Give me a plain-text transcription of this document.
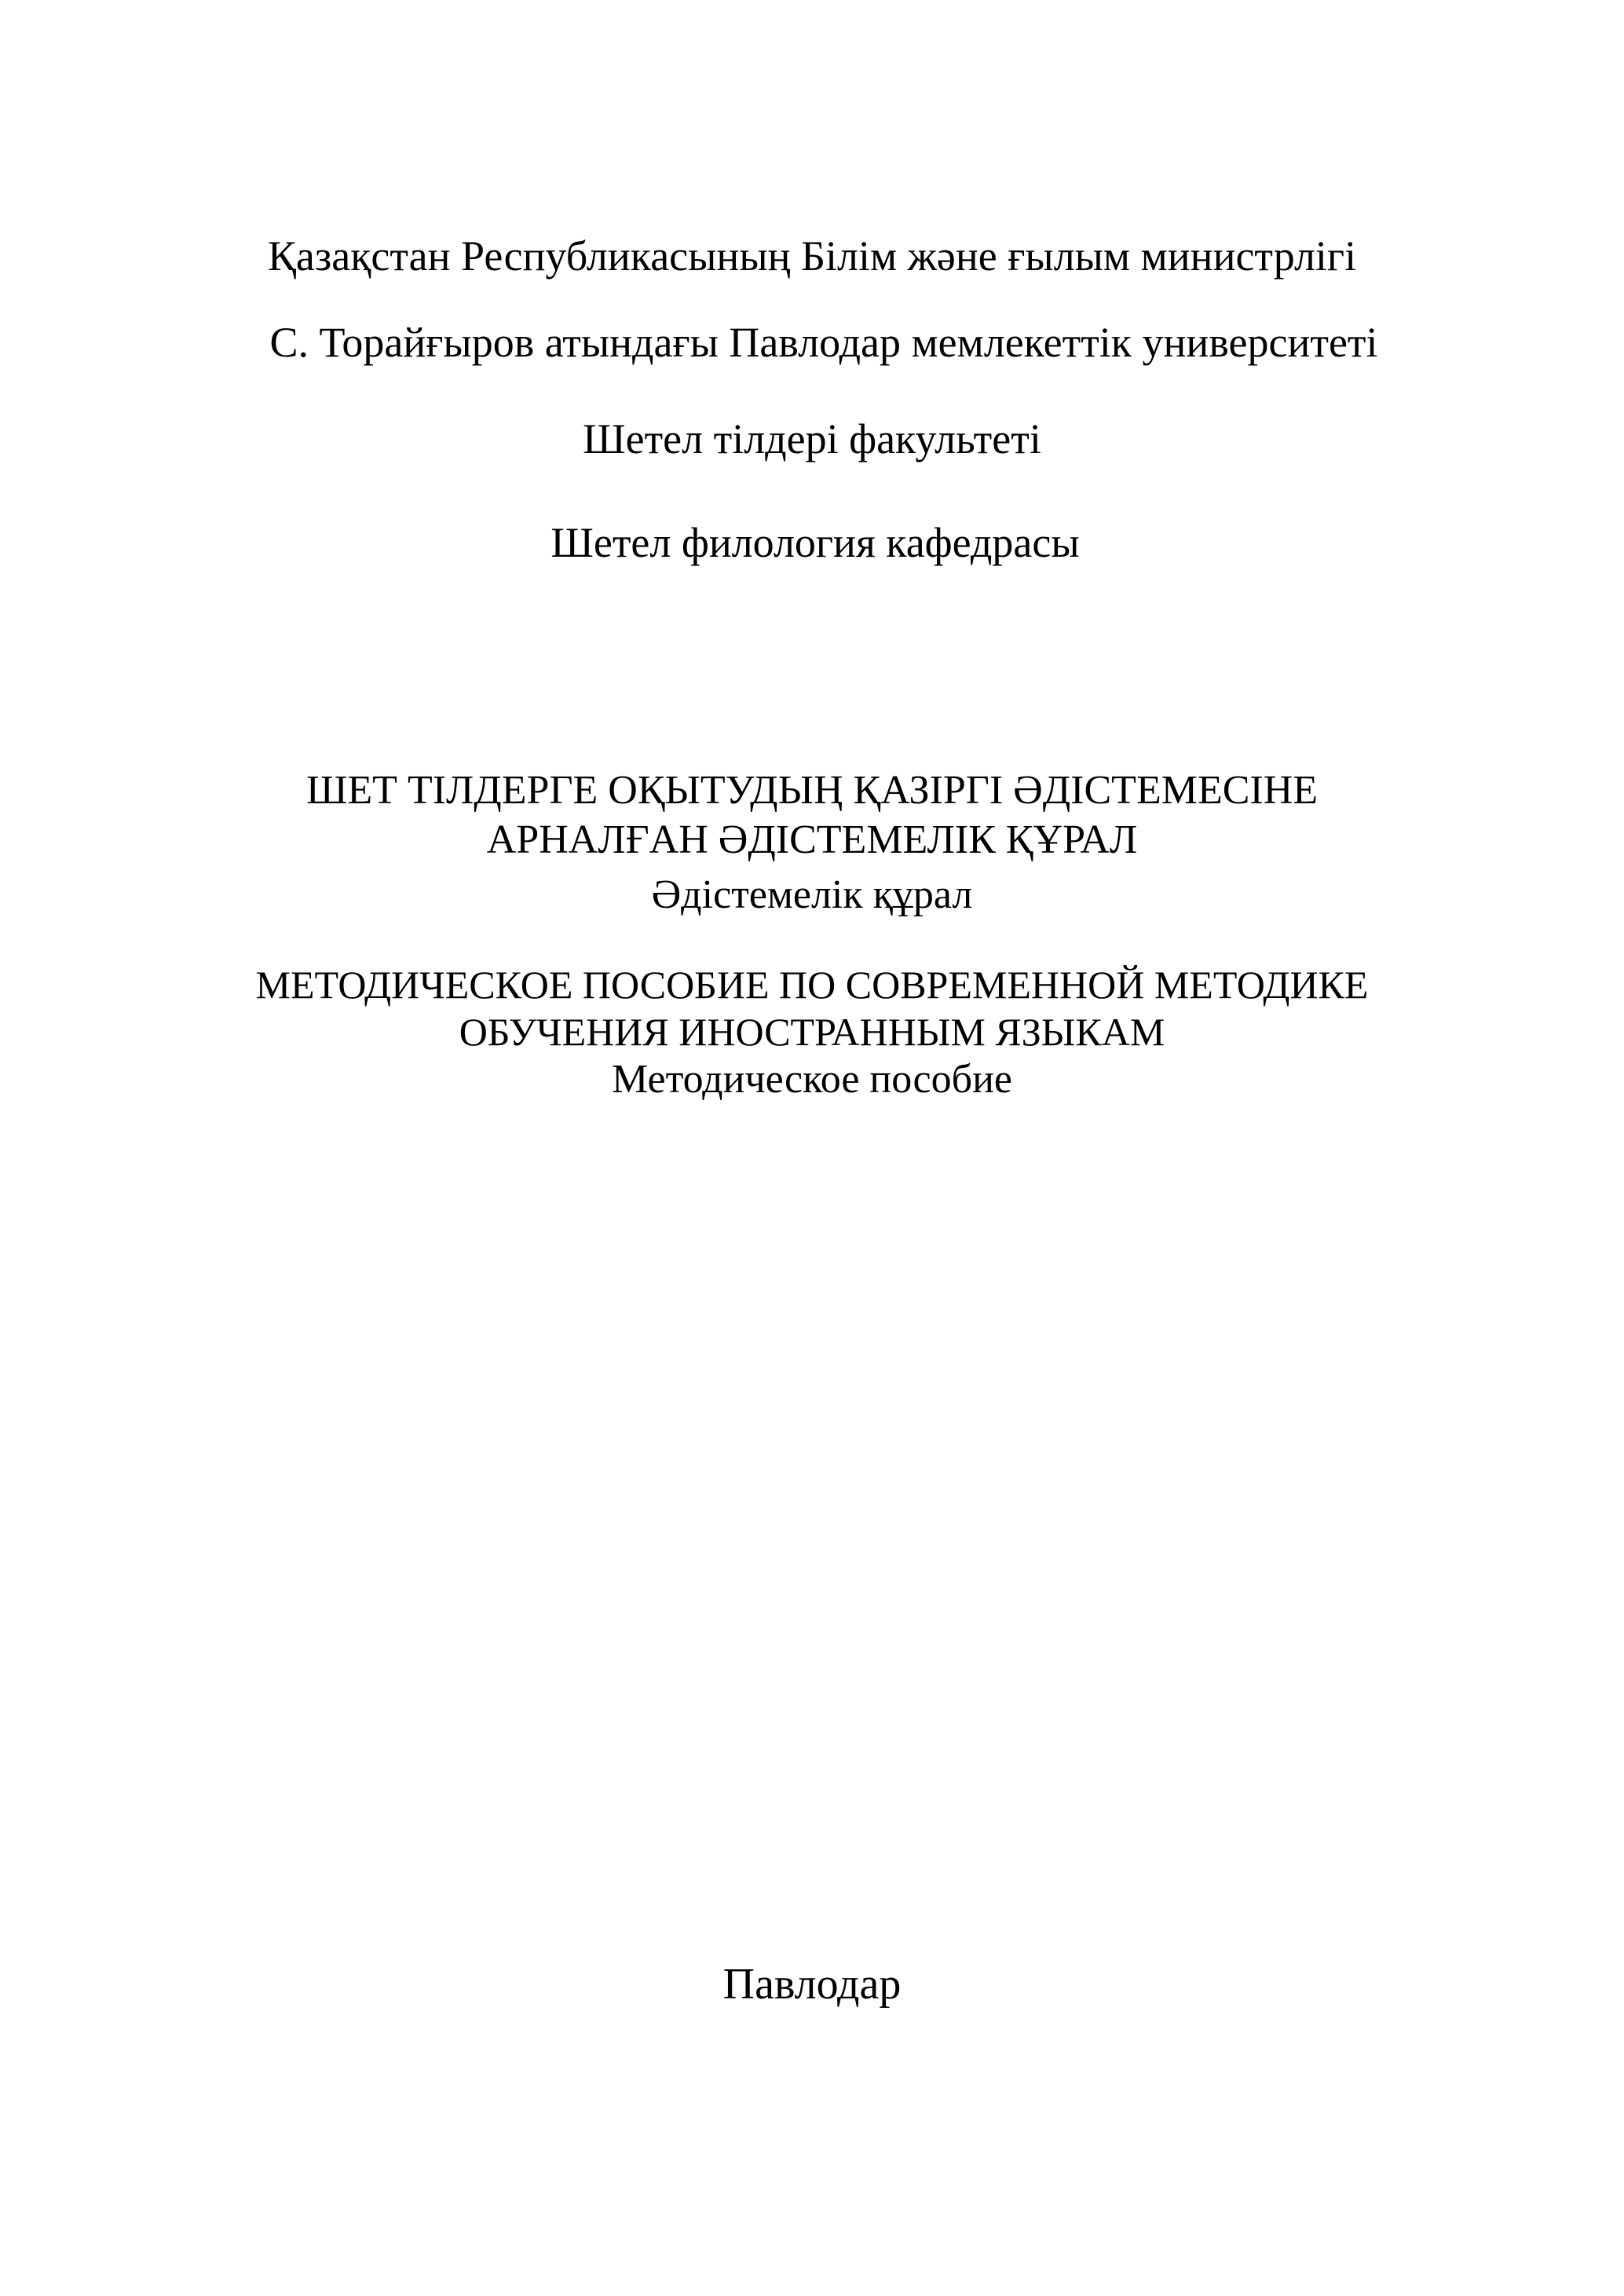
Қазақстан Республикасының Білім және ғылым министрлігі

С. Торайғыров атындағы Павлодар мемлекеттік университеті

Шетел тілдері факультеті

Шетел филология кафедрасы

ШЕТ ТІЛДЕРГЕ ОҚЫТУДЫҢ ҚАЗІРГІ ӘДІСТЕМЕСІНЕ

АРНАЛҒАН ӘДІСТЕМЕЛІК ҚҰРАЛ

Әдістемелік құрал

МЕТОДИЧЕСКОЕ ПОСОБИЕ ПО СОВРЕМЕННОЙ МЕТОДИКЕ

ОБУЧЕНИЯ ИНОСТРАННЫМ ЯЗЫКАМ

Методическое пособие

Павлодар
